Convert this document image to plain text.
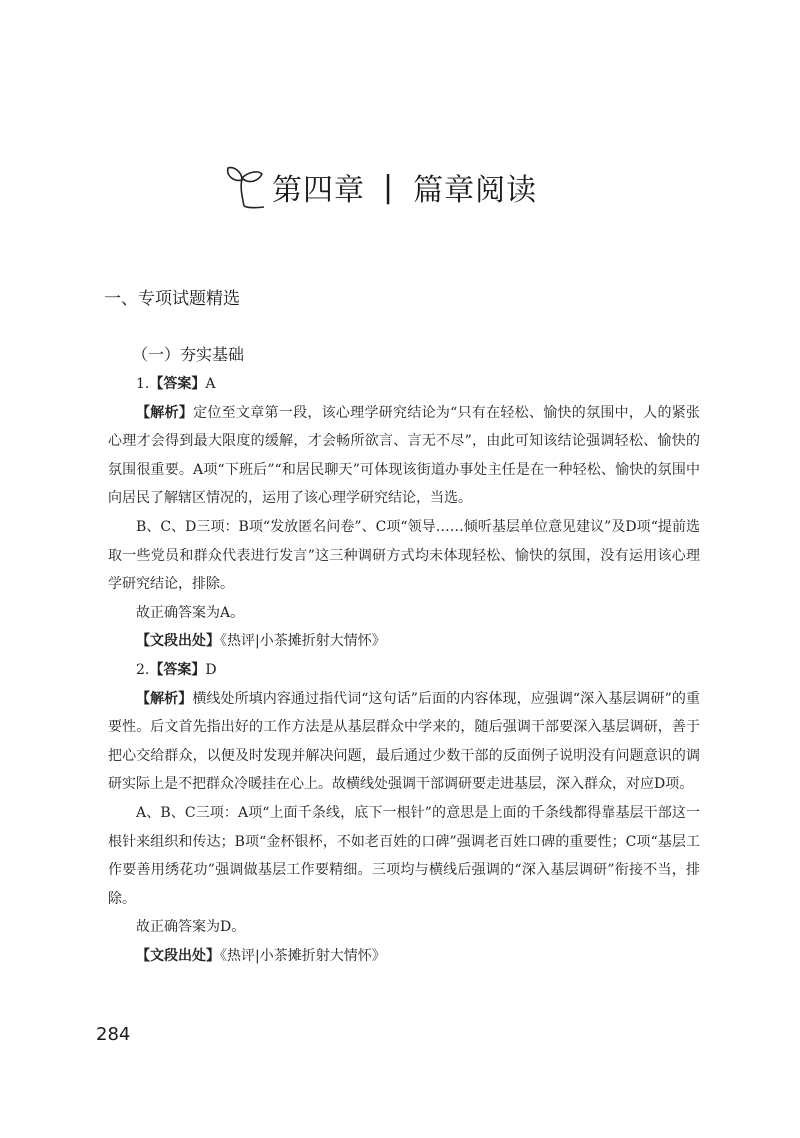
第四章 | 篇章阅读
一、专项试题精选
（一）夯实基础

1.【答案】A

【解析】定位至文章第一段，该心理学研究结论为“只有在轻松、愉快的氛围中，人的紧张心理才会得到最大限度的缓解，才会畅所欲言、言无不尽”，由此可知该结论强调轻松、愉快的氛围很重要。A项“下班后”“和居民聊天”可体现该街道办事处主任是在一种轻松、愉快的氛围中向居民了解辖区情况的，运用了该心理学研究结论，当选。

B、C、D三项：B项“发放匿名问卷”、C项“领导……倾听基层单位意见建议”及D项“提前选取一些党员和群众代表进行发言”这三种调研方式均未体现轻松、愉快的氛围，没有运用该心理学研究结论，排除。

故正确答案为A。

【文段出处】《热评|小茶摊折射大情怀》

2.【答案】D

【解析】横线处所填内容通过指代词“这句话”后面的内容体现，应强调“深入基层调研”的重要性。后文首先指出好的工作方法是从基层群众中学来的，随后强调干部要深入基层调研，善于把心交给群众，以便及时发现并解决问题，最后通过少数干部的反面例子说明没有问题意识的调研实际上是不把群众冷暖挂在心上。故横线处强调干部调研要走进基层，深入群众，对应D项。

A、B、C三项：A项“上面千条线，底下一根针”的意思是上面的千条线都得靠基层干部这一根针来组织和传达；B项“金杯银杯，不如老百姓的口碑”强调老百姓口碑的重要性；C项“基层工作要善用绣花功”强调做基层工作要精细。三项均与横线后强调的“深入基层调研”衔接不当，排除。

故正确答案为D。

【文段出处】《热评|小茶摊折射大情怀》

284
